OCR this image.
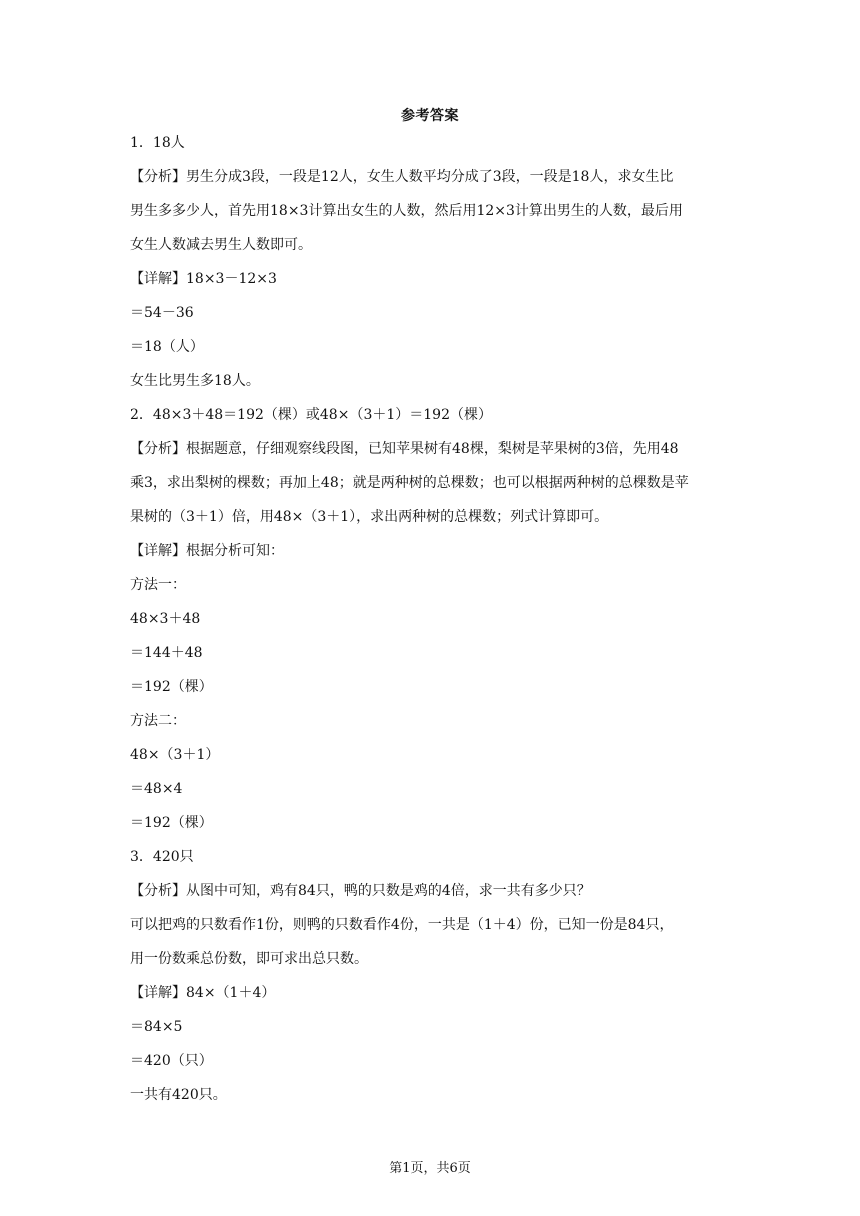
参考答案
1．18人
【分析】男生分成3段，一段是12人，女生人数平均分成了3段，一段是18人，求女生比
男生多多少人，首先用18×3计算出女生的人数，然后用12×3计算出男生的人数，最后用
女生人数减去男生人数即可。
【详解】18×3－12×3
＝54－36
＝18（人）
女生比男生多18人。
2．48×3＋48＝192（棵）或48×（3＋1）＝192（棵）
【分析】根据题意，仔细观察线段图，已知苹果树有48棵，梨树是苹果树的3倍，先用48
乘3，求出梨树的棵数；再加上48；就是两种树的总棵数；也可以根据两种树的总棵数是苹
果树的（3＋1）倍，用48×（3＋1），求出两种树的总棵数；列式计算即可。
【详解】根据分析可知：
方法一：
48×3＋48
＝144＋48
＝192（棵）
方法二：
48×（3＋1）
＝48×4
＝192（棵）
3．420只
【分析】从图中可知，鸡有84只，鸭的只数是鸡的4倍，求一共有多少只？
可以把鸡的只数看作1份，则鸭的只数看作4份，一共是（1＋4）份，已知一份是84只，
用一份数乘总份数，即可求出总只数。
【详解】84×（1＋4）
＝84×5
＝420（只）
一共有420只。
第1页，共6页
